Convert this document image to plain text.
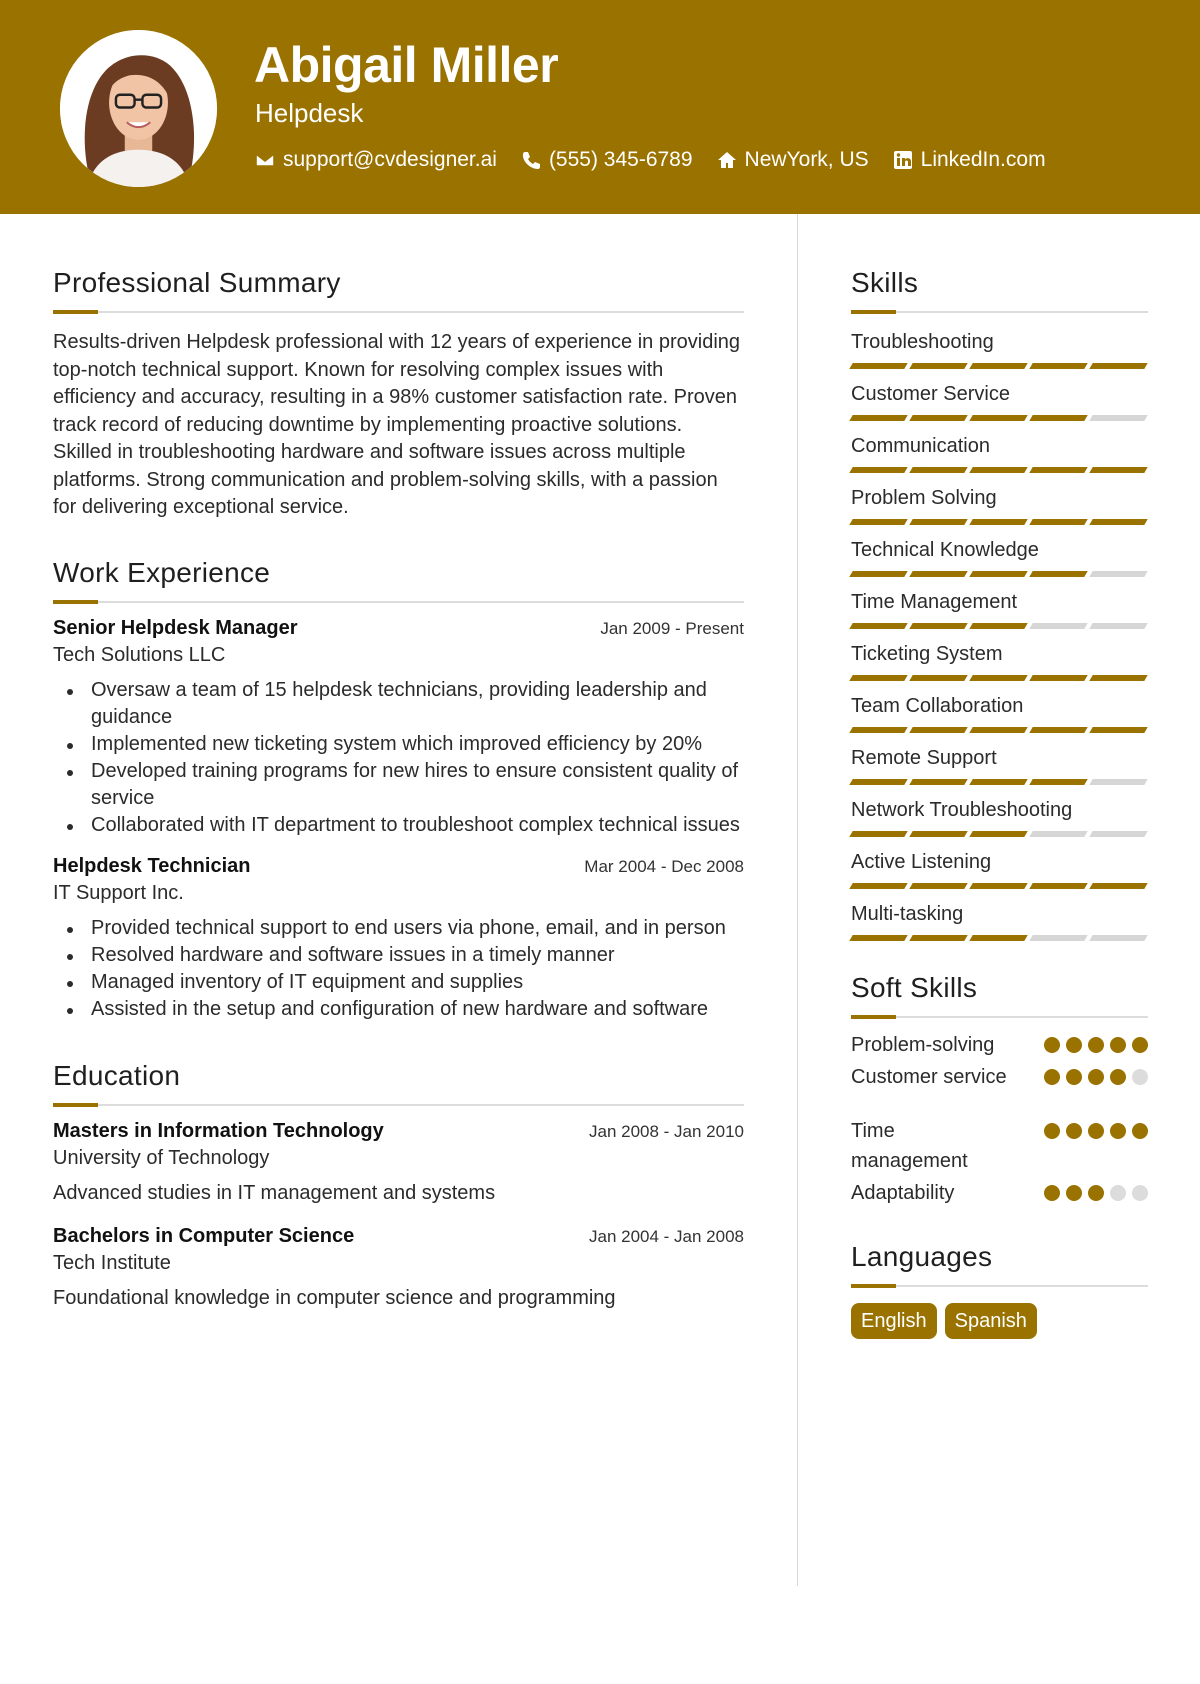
Abigail Miller
Helpdesk
support@cvdesigner.ai (555) 345-6789 NewYork, US LinkedIn.com
Professional Summary

Results-driven Helpdesk professional with 12 years of experience in providing top-notch technical support. Known for resolving complex issues with efficiency and accuracy, resulting in a 98% customer satisfaction rate. Proven track record of reducing downtime by implementing proactive solutions. Skilled in troubleshooting hardware and software issues across multiple platforms. Strong communication and problem-solving skills, with a passion for delivering exceptional service.

Work Experience
Senior Helpdesk Manager	Jan 2009 - Present
Tech Solutions LLC
Oversaw a team of 15 helpdesk technicians, providing leadership and guidance
Implemented new ticketing system which improved efficiency by 20%
Developed training programs for new hires to ensure consistent quality of service
Collaborated with IT department to troubleshoot complex technical issues
Helpdesk Technician	Mar 2004 - Dec 2008
IT Support Inc.
Provided technical support to end users via phone, email, and in person
Resolved hardware and software issues in a timely manner
Managed inventory of IT equipment and supplies
Assisted in the setup and configuration of new hardware and software
Education
Masters in Information Technology	Jan 2008 - Jan 2010
University of Technology
Advanced studies in IT management and systems
Bachelors in Computer Science	Jan 2004 - Jan 2008
Tech Institute
Foundational knowledge in computer science and programming
Skills
Troubleshooting
Customer Service
Communication
Problem Solving
Technical Knowledge
Time Management
Ticketing System
Team Collaboration
Remote Support
Network Troubleshooting
Active Listening
Multi-tasking
Soft Skills
Problem-solving
Customer service
Time management
Adaptability
Languages
English	Spanish
